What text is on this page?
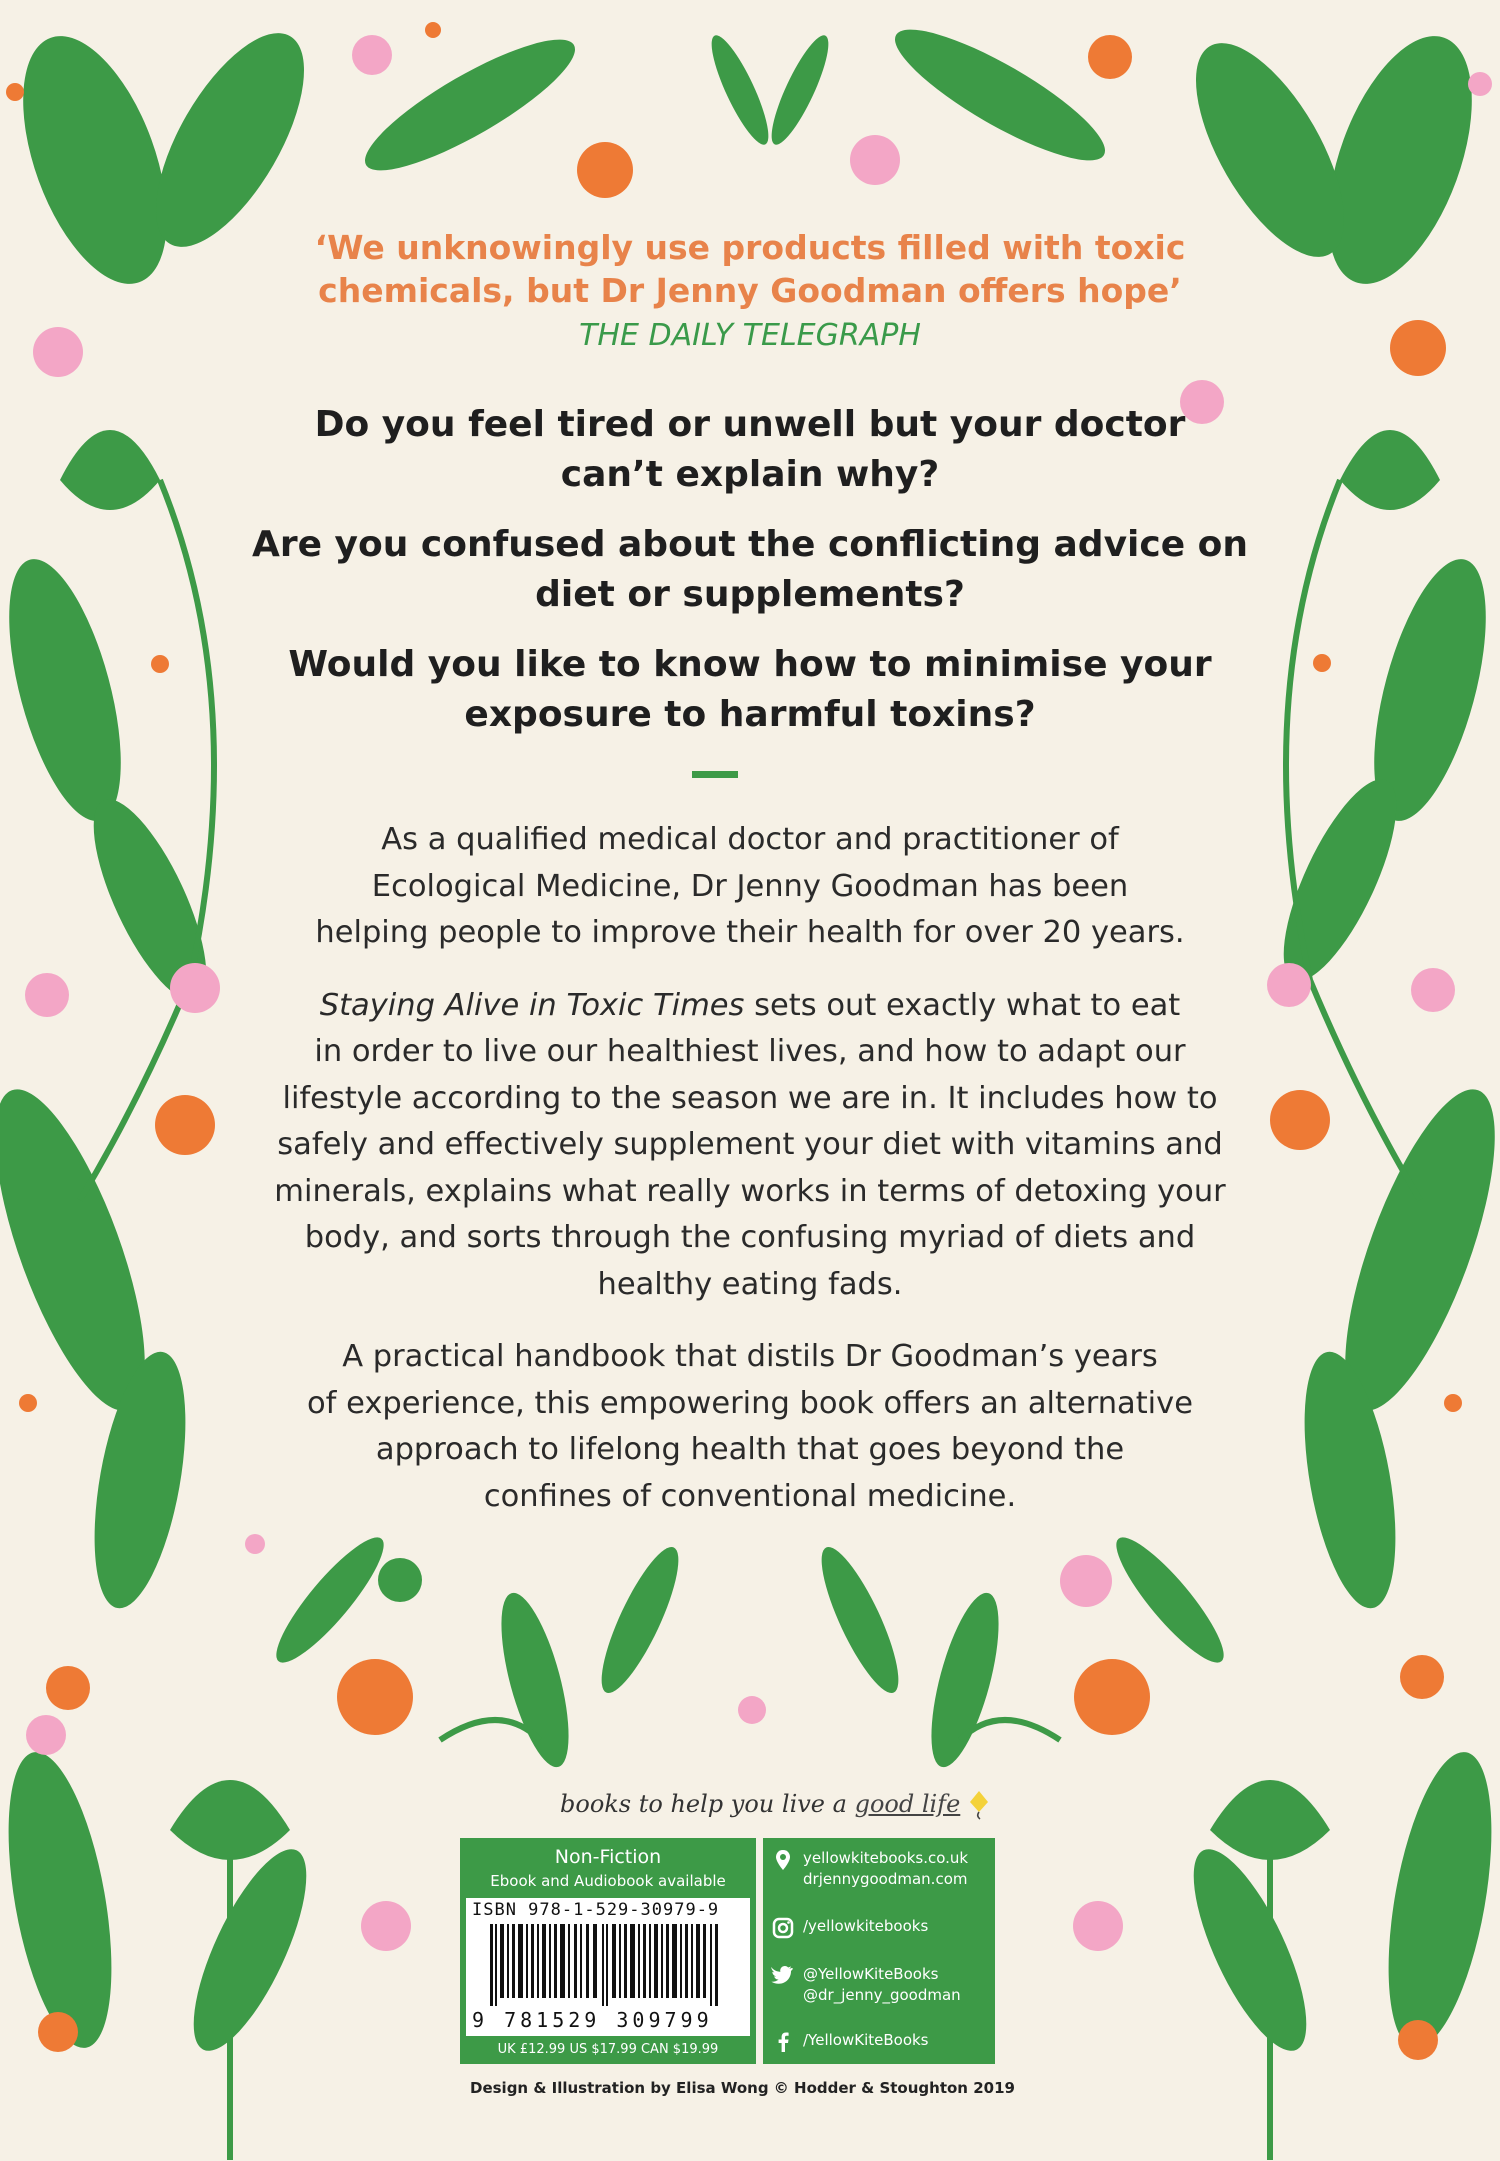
‘We unknowingly use products filled with toxic
chemicals, but Dr Jenny Goodman offers hope’
THE DAILY TELEGRAPH

Do you feel tired or unwell but your doctor
can’t explain why?

Are you confused about the conflicting advice on
diet or supplements?

Would you like to know how to minimise your
exposure to harmful toxins?

As a qualified medical doctor and practitioner of
Ecological Medicine, Dr Jenny Goodman has been
helping people to improve their health for over 20 years.

Staying Alive in Toxic Times sets out exactly what to eat
in order to live our healthiest lives, and how to adapt our
lifestyle according to the season we are in. It includes how to
safely and effectively supplement your diet with vitamins and
minerals, explains what really works in terms of detoxing your
body, and sorts through the confusing myriad of diets and
healthy eating fads.

A practical handbook that distils Dr Goodman’s years
of experience, this empowering book offers an alternative
approach to lifelong health that goes beyond the
confines of conventional medicine.

books to help you live a good life
Non-Fiction
Ebook and Audiobook available
ISBN 978-1-529-30979-9
9 781529 309799
UK £12.99 US $17.99 CAN $19.99
yellowkitebooks.co.uk
drjennygoodman.com
/yellowkitebooks
@YellowKiteBooks
@dr_jenny_goodman
/YellowKiteBooks
Design & Illustration by Elisa Wong © Hodder & Stoughton 2019
